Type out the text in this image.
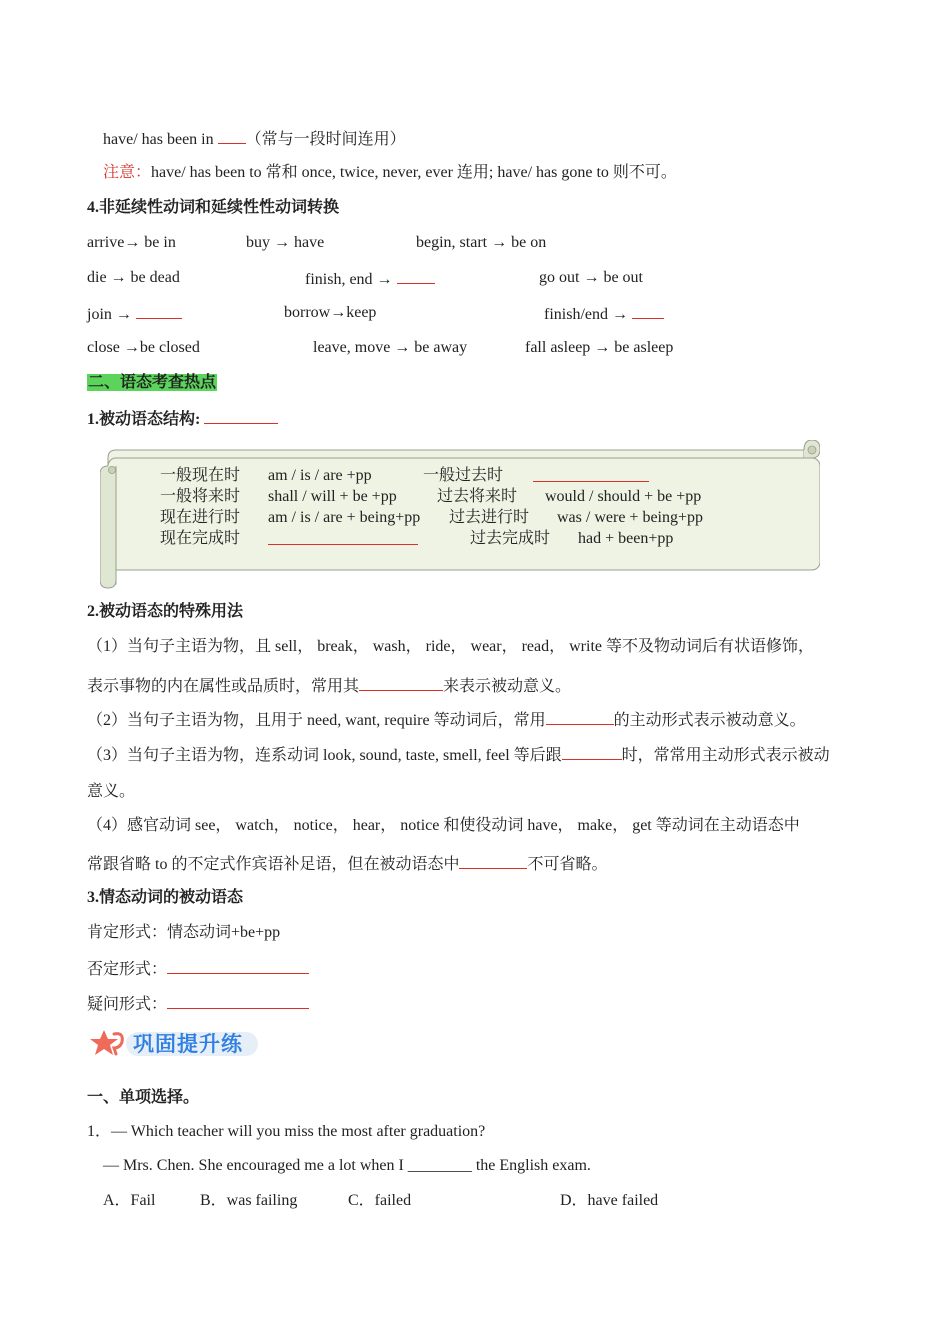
have/ has been in （常与一段时间连用）
注意：have/ has been to 常和 once, twice, never, ever 连用; have/ has gone to 则不可。
4.非延续性动词和延续性性动词转换
arrive→ be in	buy → have	begin, start → be on
die → be dead	finish, end →	go out → be out
join →	borrow→keep	finish/end →
close →be closed	leave, move → be away	fall asleep → be asleep
二、语态考查热点
1.被动语态结构:
一般现在时 am / is / are +pp	一般过去时
一般将来时 shall / will + be +pp	过去将来时 would / should + be +pp
现在进行时 am / is / are + being+pp 过去进行时 was / were + being+pp
现在完成时	过去完成时 had + been+pp
2.被动语态的特殊用法
（1）当句子主语为物，且 sell， break， wash， ride， wear， read， write 等不及物动词后有状语修饰，
表示事物的内在属性或品质时，常用其	来表示被动意义。
（2）当句子主语为物，且用于 need, want, require 等动词后，常用	的主动形式表示被动意义。
（3）当句子主语为物，连系动词 look, sound, taste, smell, feel 等后跟	时，常常用主动形式表示被动
意义。
（4）感官动词 see， watch， notice， hear， notice 和使役动词 have， make， get 等动词在主动语态中
常跟省略 to 的不定式作宾语补足语，但在被动语态中	不可省略。
3.情态动词的被动语态
肯定形式：情态动词+be+pp
否定形式：
疑问形式：
巩固提升练
一、单项选择。
1．— Which teacher will you miss the most after graduation?
— Mrs. Chen. She encouraged me a lot when I ________ the English exam.
A．Fail	B．was failing	C．failed	D．have failed
